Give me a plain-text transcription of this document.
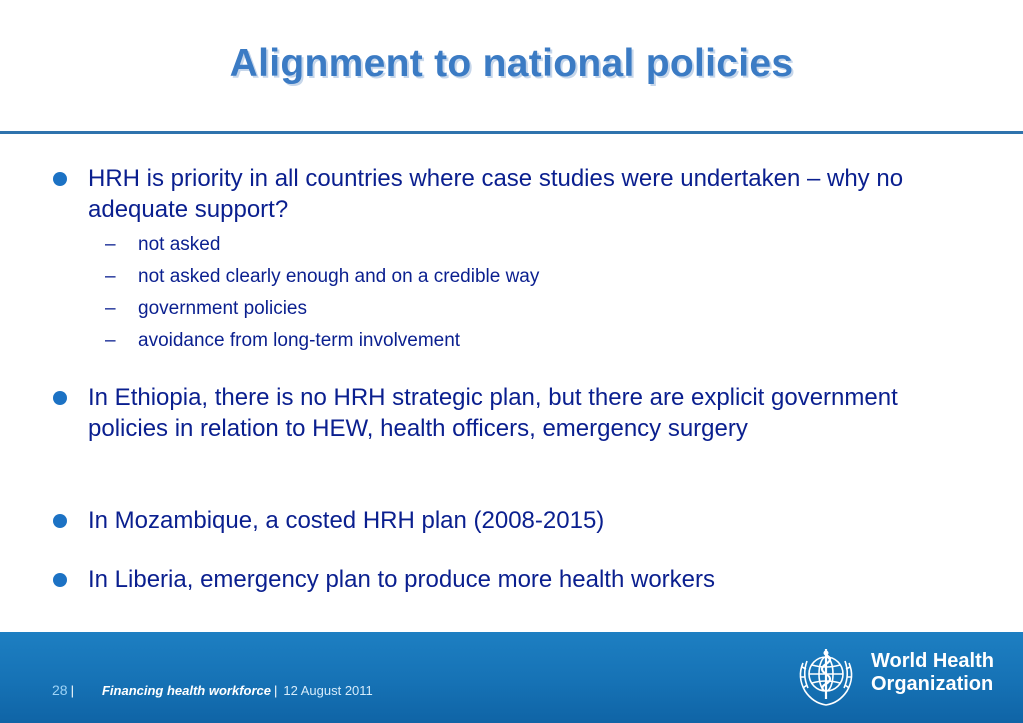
Alignment to national policies
HRH is priority in all countries where case studies were undertaken – why no adequate support?
– not asked
– not asked clearly enough and on a credible way
– government policies
– avoidance from long-term involvement
In Ethiopia, there is no HRH strategic plan, but there are explicit government policies in relation to HEW, health officers, emergency surgery
In Mozambique, a costed HRH plan (2008-2015)
In Liberia, emergency plan to produce more health workers
28 | Financing health workforce | 12 August 2011
World Health
Organization
